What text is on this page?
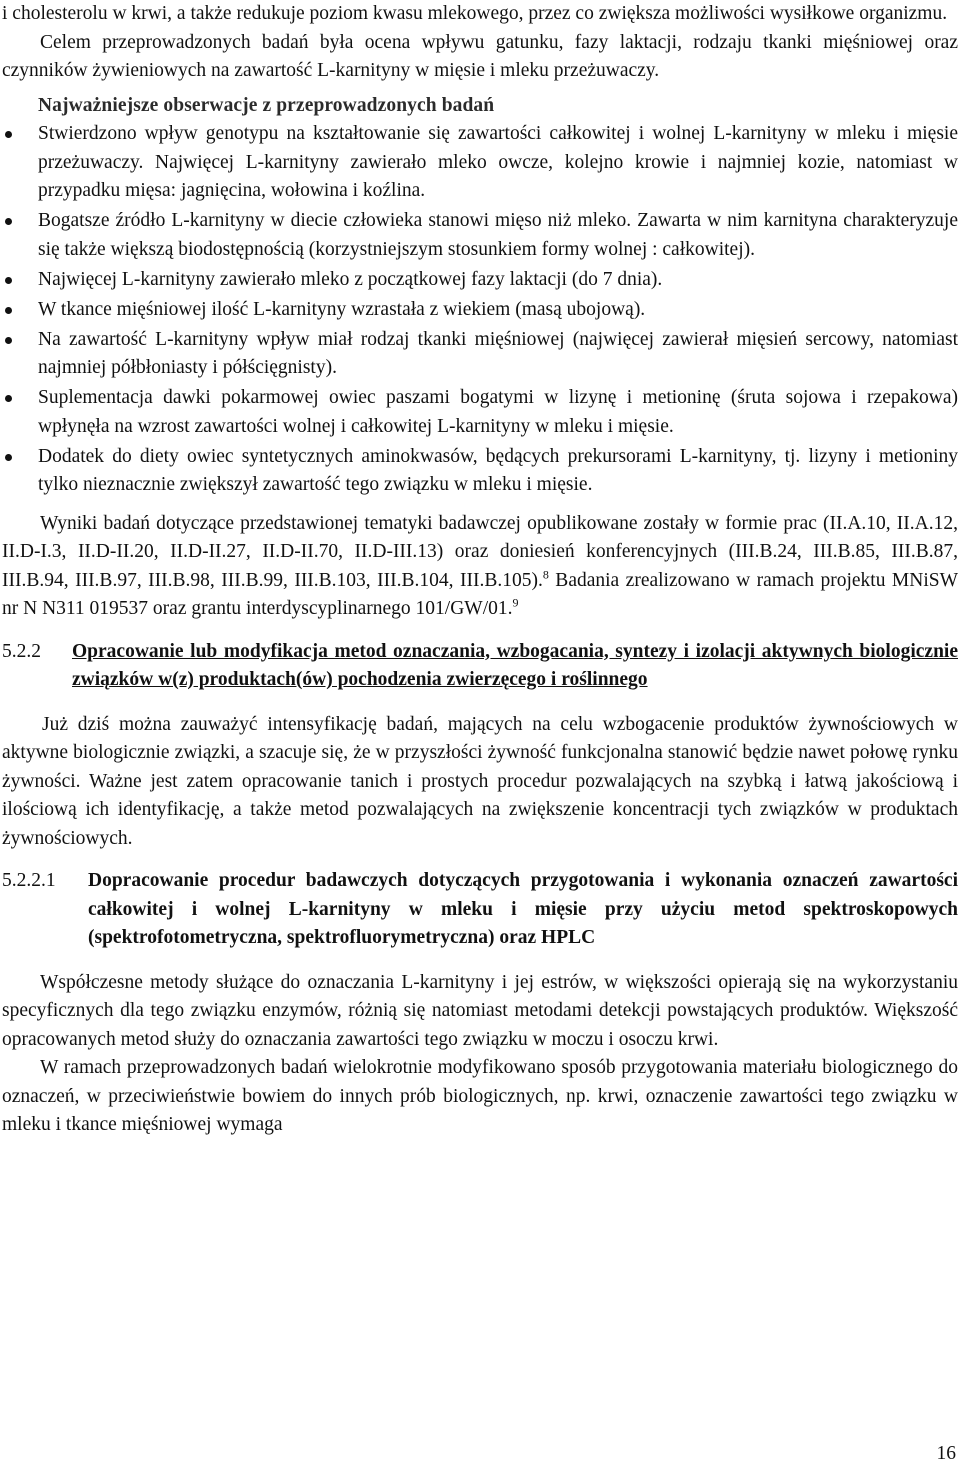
i cholesterolu w krwi, a także redukuje poziom kwasu mlekowego, przez co zwiększa możliwości wysiłkowe organizmu.

Celem przeprowadzonych badań była ocena wpływu gatunku, fazy laktacji, rodzaju tkanki mięśniowej oraz czynników żywieniowych na zawartość L-karnityny w mięsie i mleku przeżuwaczy.

Najważniejsze obserwacje z przeprowadzonych badań
Stwierdzono wpływ genotypu na kształtowanie się zawartości całkowitej i wolnej L-karnityny w mleku i mięsie przeżuwaczy. Najwięcej L-karnityny zawierało mleko owcze, kolejno krowie i najmniej kozie, natomiast w przypadku mięsa: jagnięcina, wołowina i koźlina.
Bogatsze źródło L-karnityny w diecie człowieka stanowi mięso niż mleko. Zawarta w nim karnityna charakteryzuje się także większą biodostępnością (korzystniejszym stosunkiem formy wolnej : całkowitej).
Najwięcej L-karnityny zawierało mleko z początkowej fazy laktacji (do 7 dnia).
W tkance mięśniowej ilość L-karnityny wzrastała z wiekiem (masą ubojową).
Na zawartość L-karnityny wpływ miał rodzaj tkanki mięśniowej (najwięcej zawierał mięsień sercowy, natomiast najmniej półbłoniasty i półścięgnisty).
Suplementacja dawki pokarmowej owiec paszami bogatymi w lizynę i metioninę (śruta sojowa i rzepakowa) wpłynęła na wzrost zawartości wolnej i całkowitej L-karnityny w mleku i mięsie.
Dodatek do diety owiec syntetycznych aminokwasów, będących prekursorami L-karnityny, tj. lizyny i metioniny tylko nieznacznie zwiększył zawartość tego związku w mleku i mięsie.

Wyniki badań dotyczące przedstawionej tematyki badawczej opublikowane zostały w formie prac (II.A.10, II.A.12, II.D-I.3, II.D-II.20, II.D-II.27, II.D-II.70, II.D-III.13) oraz doniesień konferencyjnych (III.B.24, III.B.85, III.B.87, III.B.94, III.B.97, III.B.98, III.B.99, III.B.103, III.B.104, III.B.105).$^8$ Badania zrealizowano w ramach projektu MNiSW nr N N311 019537 oraz grantu interdyscyplinarnego 101/GW/01.$^9$

5.2.2	Opracowanie lub modyfikacja metod oznaczania, wzbogacania, syntezy i izolacji aktywnych biologicznie związków w(z) produktach(ów) pochodzenia zwierzęcego i roślinnego

Już dziś można zauważyć intensyfikację badań, mających na celu wzbogacenie produktów żywnościowych w aktywne biologicznie związki, a szacuje się, że w przyszłości żywność funkcjonalna stanowić będzie nawet połowę rynku żywności. Ważne jest zatem opracowanie tanich i prostych procedur pozwalających na szybką i łatwą jakościową i ilościową ich identyfikację, a także metod pozwalających na zwiększenie koncentracji tych związków w produktach żywnościowych.

5.2.2.1	Dopracowanie procedur badawczych dotyczących przygotowania i wykonania oznaczeń zawartości całkowitej i wolnej L-karnityny w mleku i mięsie przy użyciu metod spektroskopowych (spektrofotometryczna, spektrofluorymetryczna) oraz HPLC

Współczesne metody służące do oznaczania L-karnityny i jej estrów, w większości opierają się na wykorzystaniu specyficznych dla tego związku enzymów, różnią się natomiast metodami detekcji powstających produktów. Większość opracowanych metod służy do oznaczania zawartości tego związku w moczu i osoczu krwi.

W ramach przeprowadzonych badań wielokrotnie modyfikowano sposób przygotowania materiału biologicznego do oznaczeń, w przeciwieństwie bowiem do innych prób biologicznych, np. krwi, oznaczenie zawartości tego związku w mleku i tkance mięśniowej wymaga

16
